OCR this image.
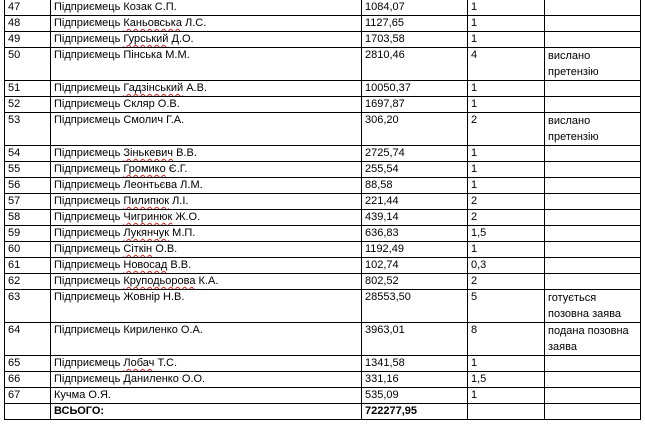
47	Підприємець Козак С.П.	1084,07	1	
48	Підприємець Каньовська Л.С.	1127,65	1	
49	Підприємець Гурський Д.О.	1703,58	1	
50	Підприємець Пінська М.М.	2810,46	4	вислано претензію
51	Підприємець Гадзінський А.В.	10050,37	1	
52	Підприємець Скляр О.В.	1697,87	1	
53	Підприємець Смолич Г.А.	306,20	2	вислано претензію
54	Підприємець Зінькевич В.В.	2725,74	1	
55	Підприємець Громико Є.Г.	255,54	1	
56	Підприємець Леонтьєва Л.М.	88,58	1	
57	Підприємець Пилипюк Л.І.	221,44	2	
58	Підприємець Чигринюк Ж.О.	439,14	2	
59	Підприємець Лукянчук М.П.	636,83	1,5	
60	Підприємець Сіткін О.В.	1192,49	1	
61	Підприємець Новосад В.В.	102,74	0,3	
62	Підприємець Круподьорова К.А.	802,52	2	
63	Підприємець Жовнір Н.В.	28553,50	5	готується позовна заява
64	Підприємець Кириленко О.А.	3963,01	8	подана позовна заява
65	Підприємець Лобач Т.С.	1341,58	1	
66	Підприємець Даниленко О.О.	331,16	1,5	
67	Кучма О.Я.	535,09	1	
	ВСЬОГО:	722277,95		
